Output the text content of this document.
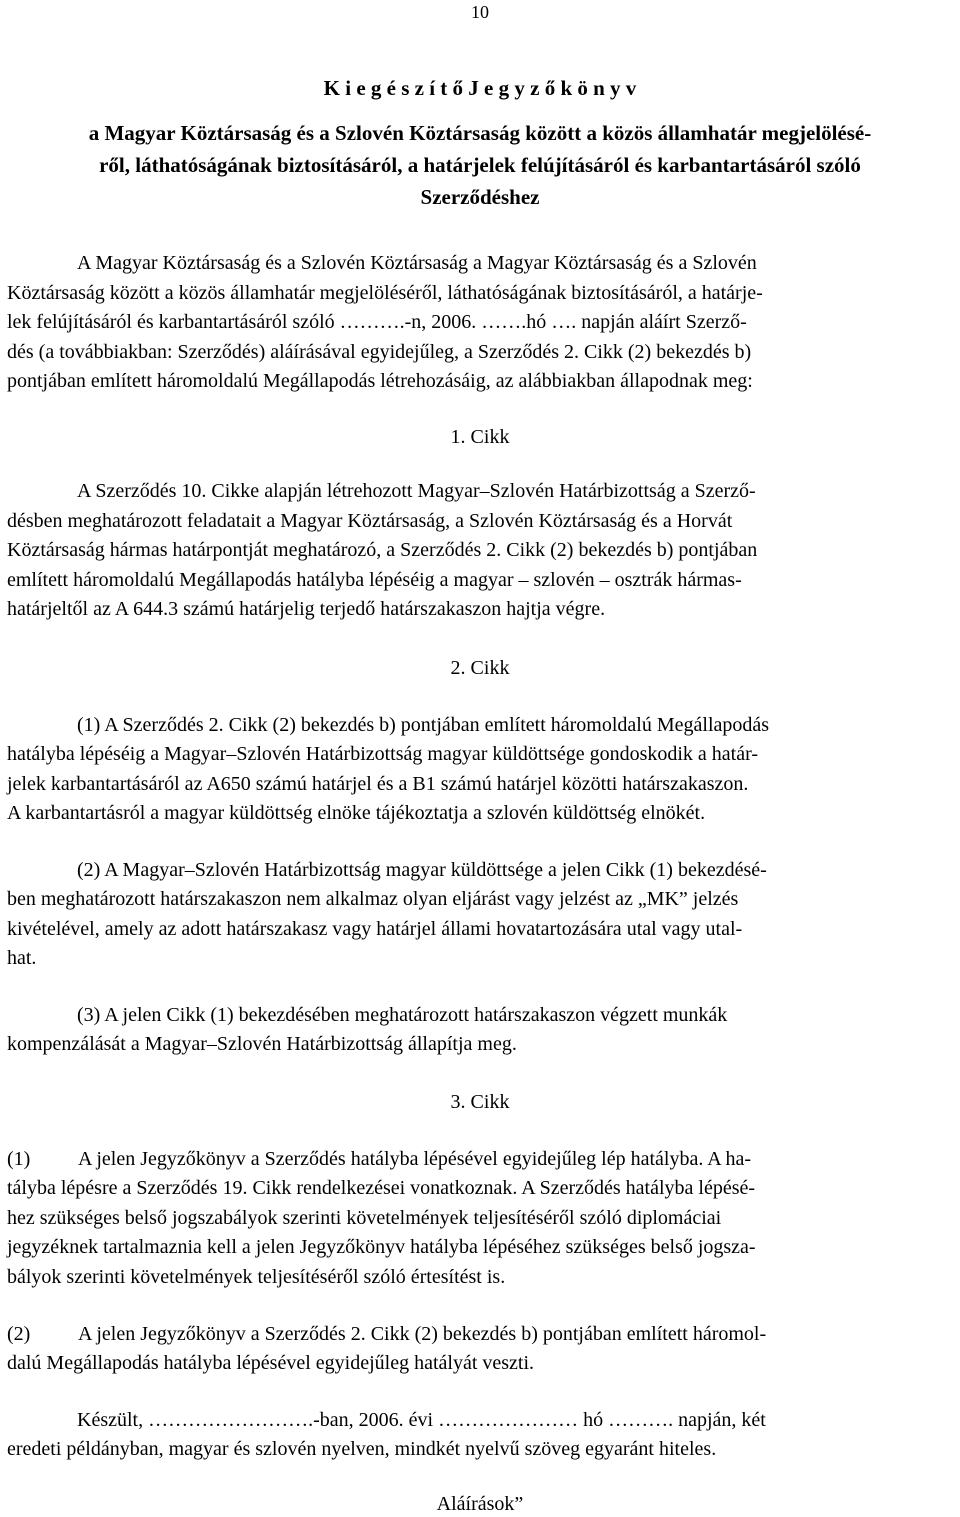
10
K i e g é s z í t ő J e g y z ő k ö n y v
a Magyar Köztársaság és a Szlovén Köztársaság között a közös államhatár megjelölésé-
ről, láthatóságának biztosításáról, a határjelek felújításáról és karbantartásáról szóló
Szerződéshez
A Magyar Köztársaság és a Szlovén Köztársaság a Magyar Köztársaság és a Szlovén
Köztársaság között a közös államhatár megjelöléséről, láthatóságának biztosításáról, a határje-
lek felújításáról és karbantartásáról szóló ……….-n, 2006. …….hó …. napján aláírt Szerző-
dés (a továbbiakban: Szerződés) aláírásával egyidejűleg, a Szerződés 2. Cikk (2) bekezdés b)
pontjában említett háromoldalú Megállapodás létrehozásáig, az alábbiakban állapodnak meg:
1. Cikk
A Szerződés 10. Cikke alapján létrehozott Magyar–Szlovén Határbizottság a Szerző-
désben meghatározott feladatait a Magyar Köztársaság, a Szlovén Köztársaság és a Horvát
Köztársaság hármas határpontját meghatározó, a Szerződés 2. Cikk (2) bekezdés b) pontjában
említett háromoldalú Megállapodás hatályba lépéséig a magyar – szlovén – osztrák hármas-
határjeltől az A 644.3 számú határjelig terjedő határszakaszon hajtja végre.
2. Cikk
(1) A Szerződés 2. Cikk (2) bekezdés b) pontjában említett háromoldalú Megállapodás
hatályba lépéséig a Magyar–Szlovén Határbizottság magyar küldöttsége gondoskodik a határ-
jelek karbantartásáról az A650 számú határjel és a B1 számú határjel közötti határszakaszon.
A karbantartásról a magyar küldöttség elnöke tájékoztatja a szlovén küldöttség elnökét.
(2) A Magyar–Szlovén Határbizottság magyar küldöttsége a jelen Cikk (1) bekezdésé-
ben meghatározott határszakaszon nem alkalmaz olyan eljárást vagy jelzést az „MK” jelzés
kivételével, amely az adott határszakasz vagy határjel állami hovatartozására utal vagy utal-
hat.
(3) A jelen Cikk (1) bekezdésében meghatározott határszakaszon végzett munkák
kompenzálását a Magyar–Szlovén Határbizottság állapítja meg.
3. Cikk
(1) A jelen Jegyzőkönyv a Szerződés hatályba lépésével egyidejűleg lép hatályba. A ha-
tályba lépésre a Szerződés 19. Cikk rendelkezései vonatkoznak. A Szerződés hatályba lépésé-
hez szükséges belső jogszabályok szerinti követelmények teljesítéséről szóló diplomáciai
jegyzéknek tartalmaznia kell a jelen Jegyzőkönyv hatályba lépéséhez szükséges belső jogsza-
bályok szerinti követelmények teljesítéséről szóló értesítést is.
(2) A jelen Jegyzőkönyv a Szerződés 2. Cikk (2) bekezdés b) pontjában említett háromol-
dalú Megállapodás hatályba lépésével egyidejűleg hatályát veszti.
Készült, …………………….-ban, 2006. évi ………………… hó ………. napján, két
eredeti példányban, magyar és szlovén nyelven, mindkét nyelvű szöveg egyaránt hiteles.
Aláírások”
